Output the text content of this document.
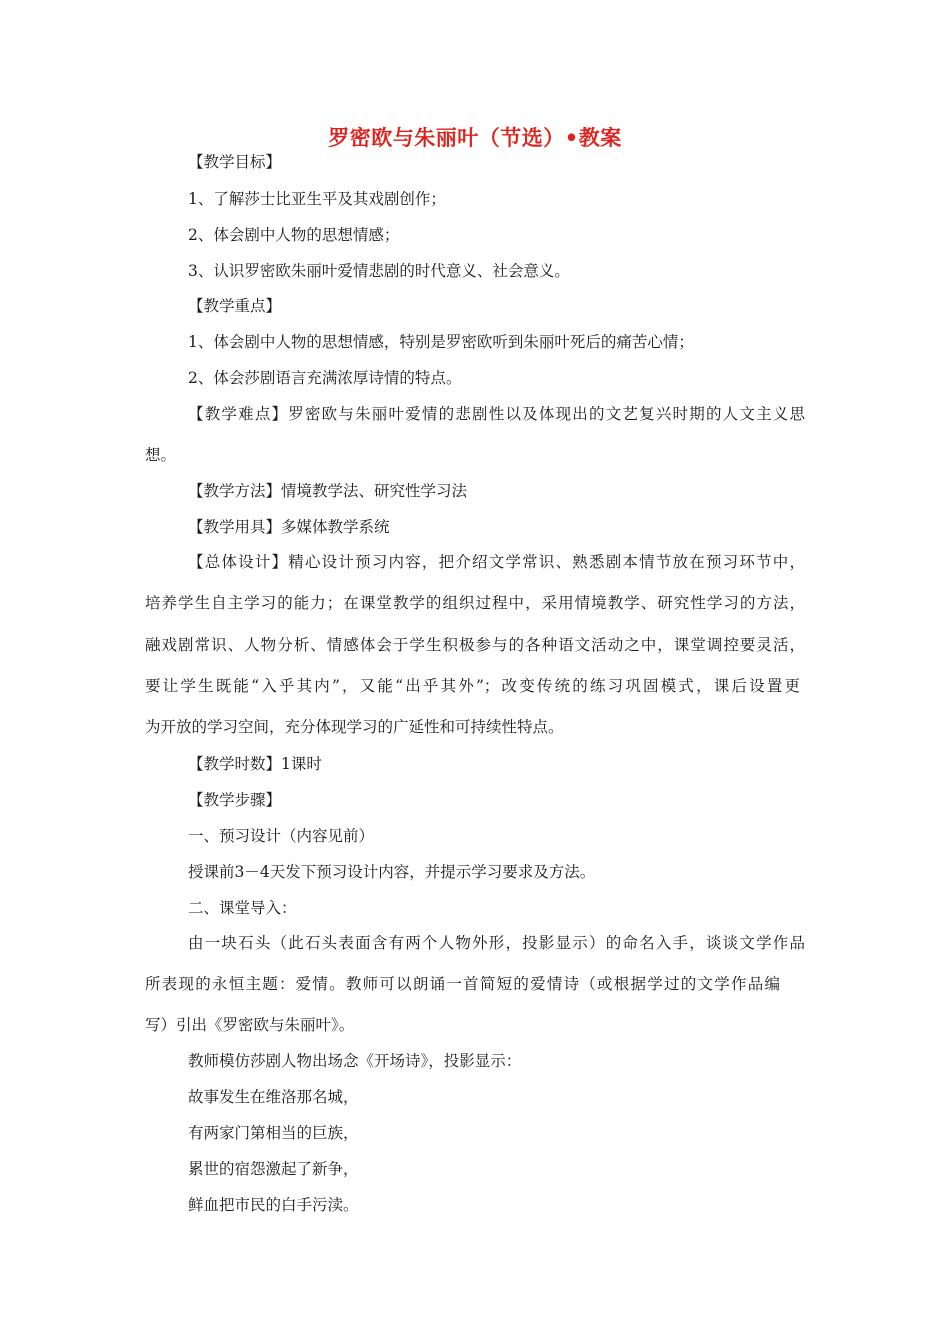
罗密欧与朱丽叶（节选）•教案
【教学目标】
1、了解莎士比亚生平及其戏剧创作；
2、体会剧中人物的思想情感；
3、认识罗密欧朱丽叶爱情悲剧的时代意义、社会意义。
【教学重点】
1、体会剧中人物的思想情感，特别是罗密欧听到朱丽叶死后的痛苦心情；
2、体会莎剧语言充满浓厚诗情的特点。
【教学难点】罗密欧与朱丽叶爱情的悲剧性以及体现出的文艺复兴时期的人文主义思
想。
【教学方法】情境教学法、研究性学习法
【教学用具】多媒体教学系统
【总体设计】精心设计预习内容，把介绍文学常识、熟悉剧本情节放在预习环节中，
培养学生自主学习的能力；在课堂教学的组织过程中，采用情境教学、研究性学习的方法，
融戏剧常识、人物分析、情感体会于学生积极参与的各种语文活动之中，课堂调控要灵活，
要让学生既能“入乎其内”，又能“出乎其外”；改变传统的练习巩固模式，课后设置更
为开放的学习空间，充分体现学习的广延性和可持续性特点。
【教学时数】1课时
【教学步骤】
一、预习设计（内容见前）
授课前3－4天发下预习设计内容，并提示学习要求及方法。
二、课堂导入：
由一块石头（此石头表面含有两个人物外形，投影显示）的命名入手，谈谈文学作品
所表现的永恒主题：爱情。教师可以朗诵一首简短的爱情诗（或根据学过的文学作品编
写）引出《罗密欧与朱丽叶》。
教师模仿莎剧人物出场念《开场诗》，投影显示：
故事发生在维洛那名城，
有两家门第相当的巨族，
累世的宿怨激起了新争，
鲜血把市民的白手污渎。
